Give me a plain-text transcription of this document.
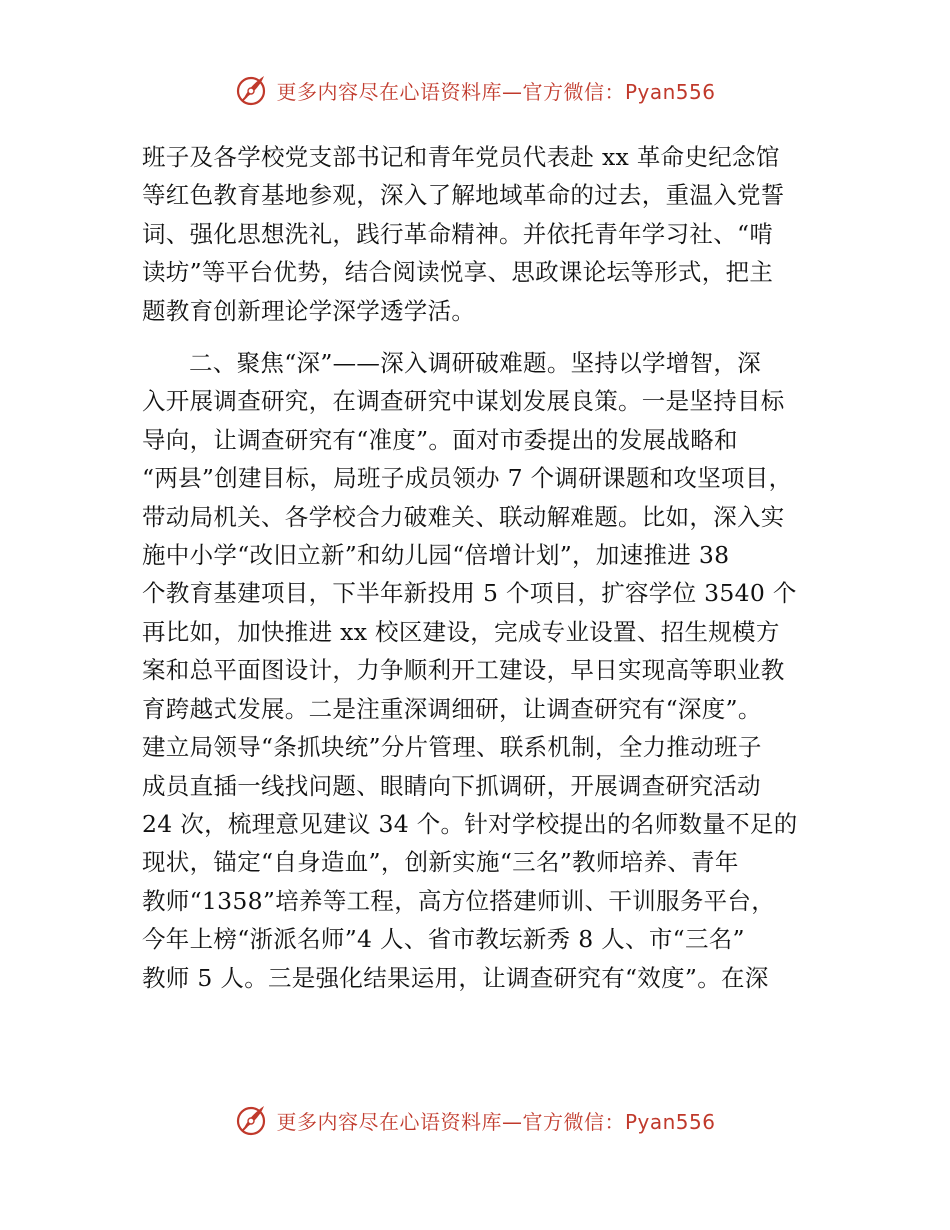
更多内容尽在心语资料库—官方微信：Pyan556

班子及各学校党支部书记和青年党员代表赴 xx 革命史纪念馆
等红色教育基地参观，深入了解地域革命的过去，重温入党誓
词、强化思想洗礼，践行革命精神。并依托青年学习社、“啃
读坊”等平台优势，结合阅读悦享、思政课论坛等形式，把主
题教育创新理论学深学透学活。

二、聚焦“深”——深入调研破难题。坚持以学增智，深
入开展调查研究，在调查研究中谋划发展良策。一是坚持目标
导向，让调查研究有“准度”。面对市委提出的发展战略和
“两县”创建目标，局班子成员领办 7 个调研课题和攻坚项目，
带动局机关、各学校合力破难关、联动解难题。比如，深入实
施中小学“改旧立新”和幼儿园“倍增计划”，加速推进 38
个教育基建项目，下半年新投用 5 个项目，扩容学位 3540 个
再比如，加快推进 xx 校区建设，完成专业设置、招生规模方
案和总平面图设计，力争顺利开工建设，早日实现高等职业教
育跨越式发展。二是注重深调细研，让调查研究有“深度”。
建立局领导“条抓块统”分片管理、联系机制，全力推动班子
成员直插一线找问题、眼睛向下抓调研，开展调查研究活动
24 次，梳理意见建议 34 个。针对学校提出的名师数量不足的
现状，锚定“自身造血”，创新实施“三名”教师培养、青年
教师“1358”培养等工程，高方位搭建师训、干训服务平台，
今年上榜“浙派名师”4 人、省市教坛新秀 8 人、市“三名”
教师 5 人。三是强化结果运用，让调查研究有“效度”。在深

更多内容尽在心语资料库—官方微信：Pyan556
